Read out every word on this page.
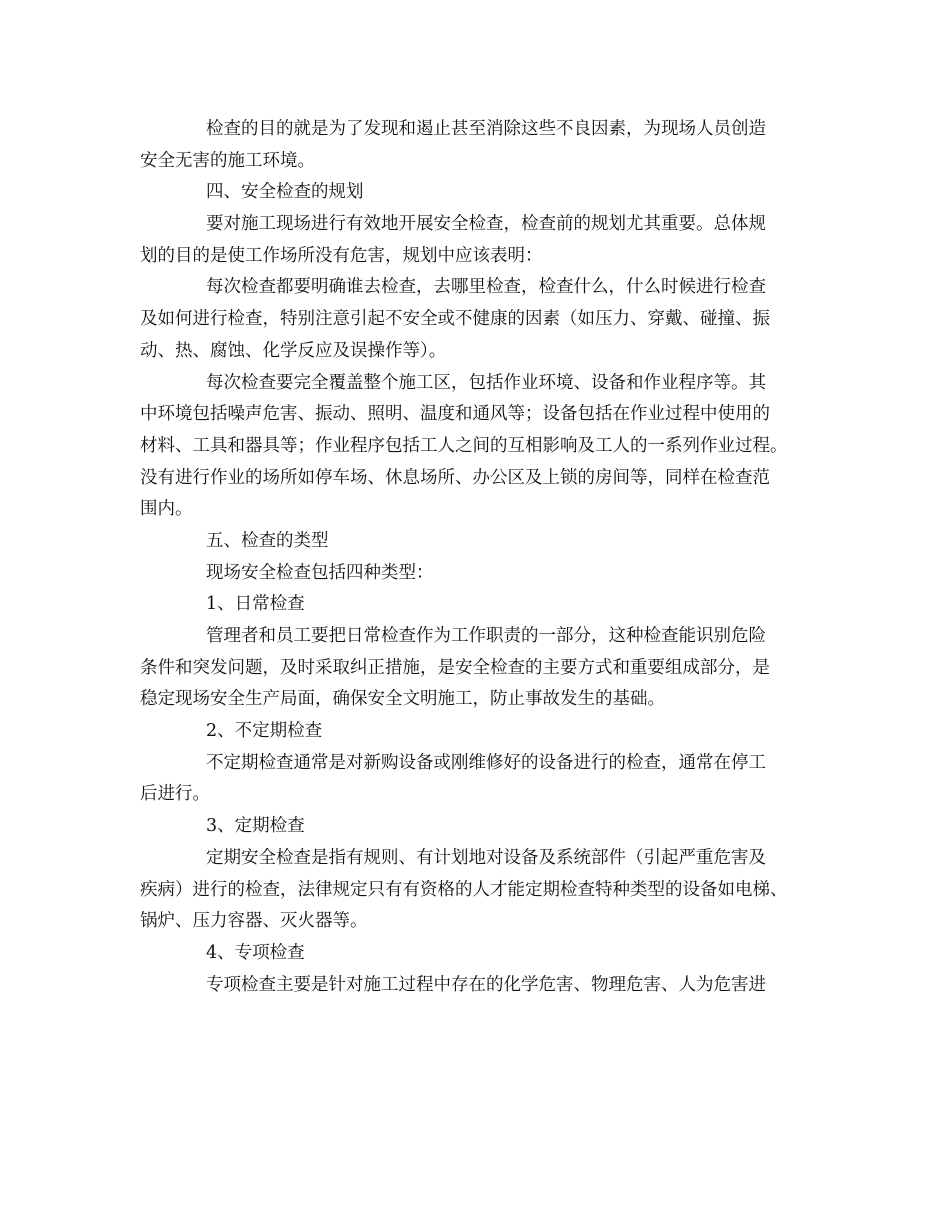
检查的目的就是为了发现和遏止甚至消除这些不良因素，为现场人员创造
安全无害的施工环境。
四、安全检查的规划
要对施工现场进行有效地开展安全检查，检查前的规划尤其重要。总体规
划的目的是使工作场所没有危害，规划中应该表明：
每次检查都要明确谁去检查，去哪里检查，检查什么，什么时候进行检查
及如何进行检查，特别注意引起不安全或不健康的因素（如压力、穿戴、碰撞、振
动、热、腐蚀、化学反应及误操作等）。
每次检查要完全覆盖整个施工区，包括作业环境、设备和作业程序等。其
中环境包括噪声危害、振动、照明、温度和通风等；设备包括在作业过程中使用的
材料、工具和器具等；作业程序包括工人之间的互相影响及工人的一系列作业过程。
没有进行作业的场所如停车场、休息场所、办公区及上锁的房间等，同样在检查范
围内。
五、检查的类型
现场安全检查包括四种类型：
1、日常检查
管理者和员工要把日常检查作为工作职责的一部分，这种检查能识别危险
条件和突发问题，及时采取纠正措施，是安全检查的主要方式和重要组成部分，是
稳定现场安全生产局面，确保安全文明施工，防止事故发生的基础。
2、不定期检查
不定期检查通常是对新购设备或刚维修好的设备进行的检查，通常在停工
后进行。
3、定期检查
定期安全检查是指有规则、有计划地对设备及系统部件（引起严重危害及
疾病）进行的检查，法律规定只有有资格的人才能定期检查特种类型的设备如电梯、
锅炉、压力容器、灭火器等。
4、专项检查
专项检查主要是针对施工过程中存在的化学危害、物理危害、人为危害进
